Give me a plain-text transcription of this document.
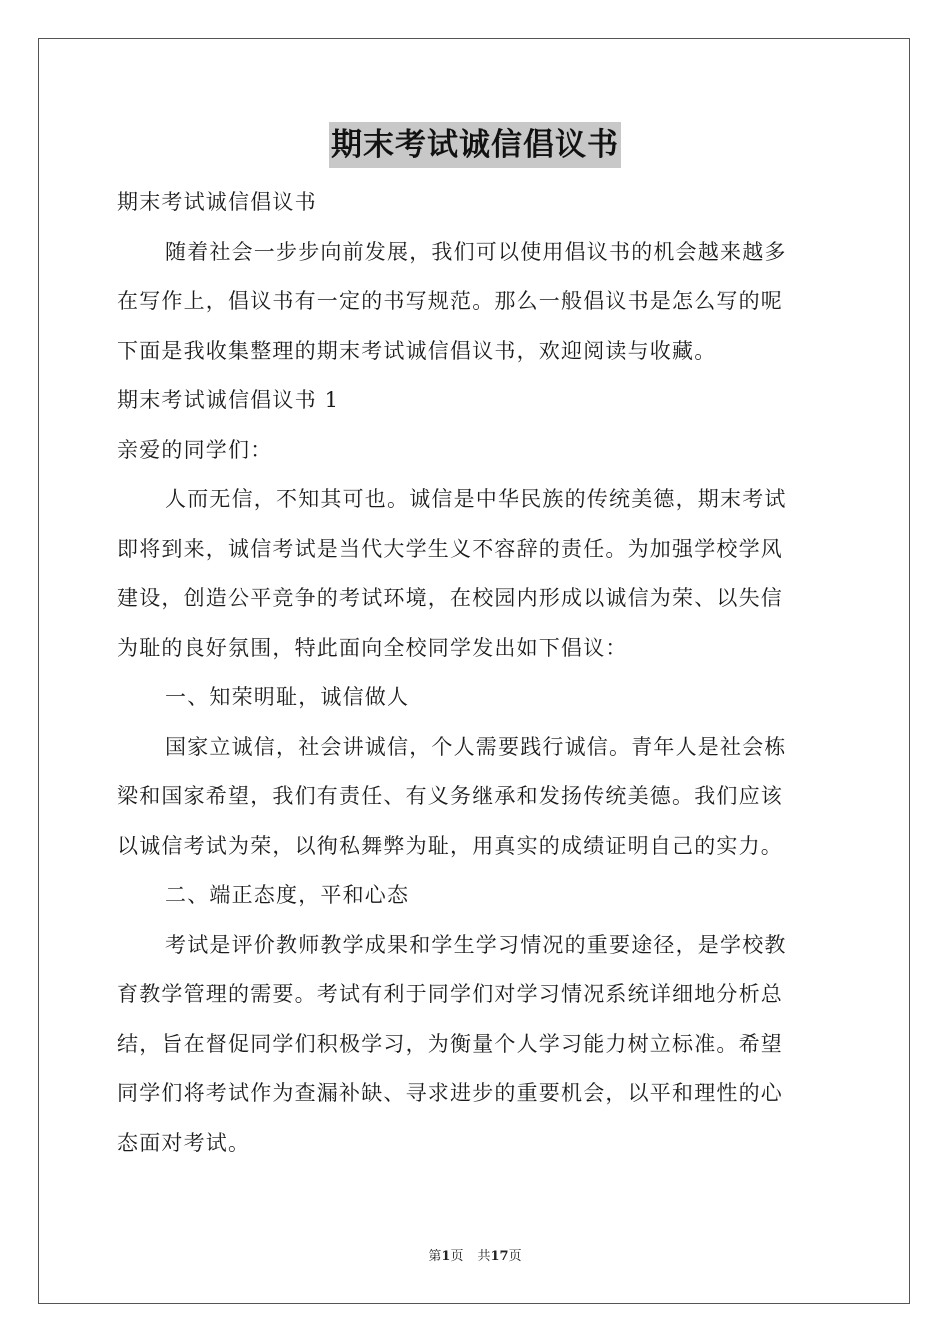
期末考试诚信倡议书

期末考试诚信倡议书

随着社会一步步向前发展，我们可以使用倡议书的机会越来越多

在写作上，倡议书有一定的书写规范。那么一般倡议书是怎么写的呢

下面是我收集整理的期末考试诚信倡议书，欢迎阅读与收藏。

期末考试诚信倡议书 1

亲爱的同学们：

人而无信，不知其可也。诚信是中华民族的传统美德，期末考试

即将到来，诚信考试是当代大学生义不容辞的责任。为加强学校学风

建设，创造公平竞争的考试环境，在校园内形成以诚信为荣、以失信

为耻的良好氛围，特此面向全校同学发出如下倡议：

一、知荣明耻，诚信做人

国家立诚信，社会讲诚信，个人需要践行诚信。青年人是社会栋

梁和国家希望，我们有责任、有义务继承和发扬传统美德。我们应该

以诚信考试为荣，以徇私舞弊为耻，用真实的成绩证明自己的实力。

二、端正态度，平和心态

考试是评价教师教学成果和学生学习情况的重要途径，是学校教

育教学管理的需要。考试有利于同学们对学习情况系统详细地分析总

结，旨在督促同学们积极学习，为衡量个人学习能力树立标准。希望

同学们将考试作为查漏补缺、寻求进步的重要机会，以平和理性的心

态面对考试。

第1页 共17页
